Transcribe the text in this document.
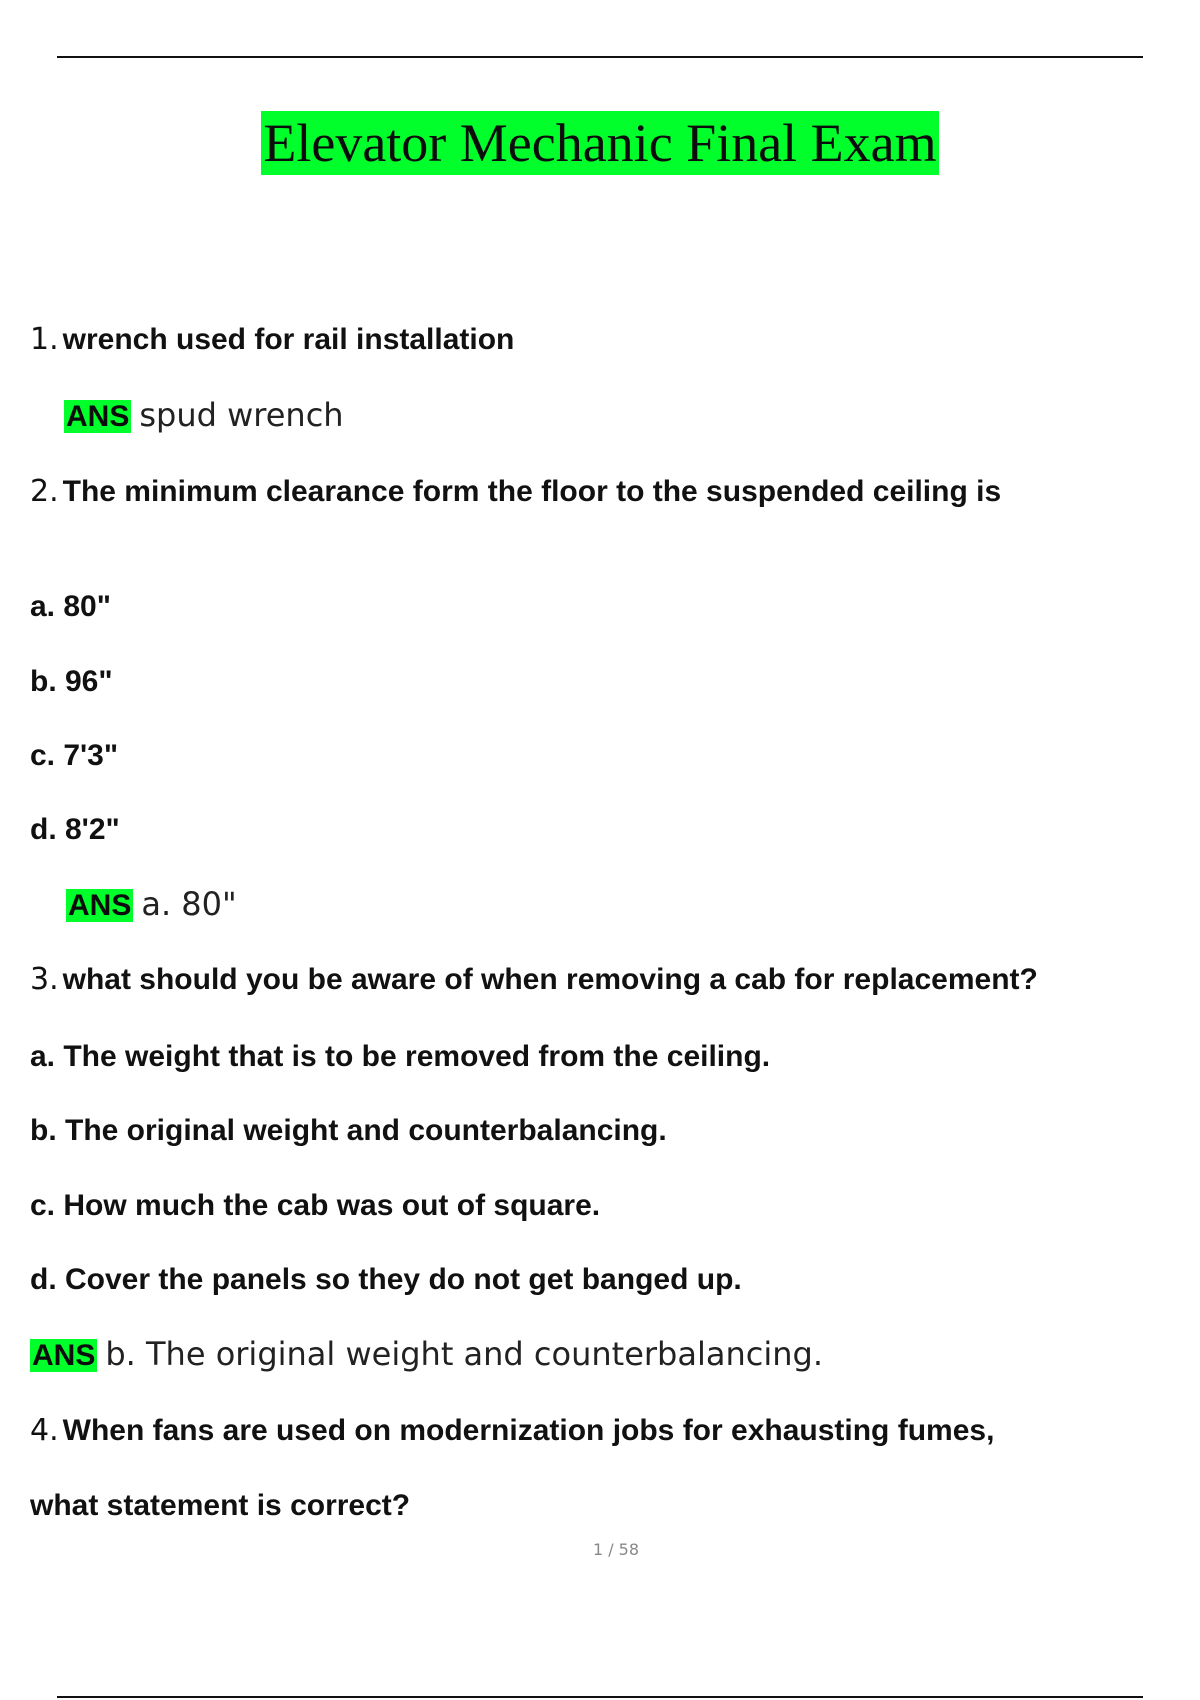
Elevator Mechanic Final Exam
1. wrench used for rail installation
ANS spud wrench
2. The minimum clearance form the floor to the suspended ceiling is
a. 80"
b. 96"
c. 7'3"
d. 8'2"
ANS a. 80"
3. what should you be aware of when removing a cab for replacement?
a. The weight that is to be removed from the ceiling.
b. The original weight and counterbalancing.
c. How much the cab was out of square.
d. Cover the panels so they do not get banged up.
ANS b. The original weight and counterbalancing.
4. When fans are used on modernization jobs for exhausting fumes,
what statement is correct?
1 / 58
